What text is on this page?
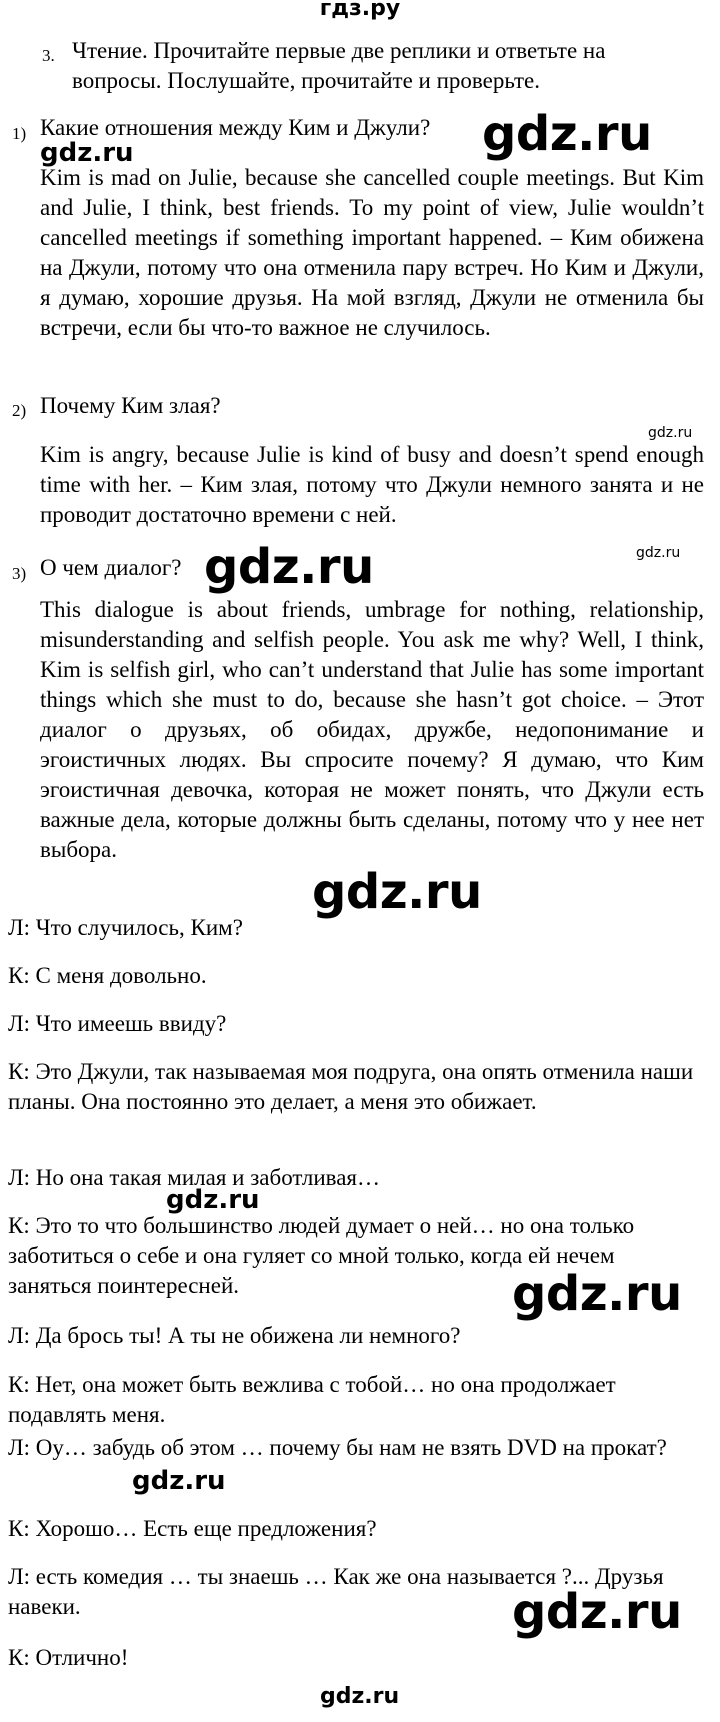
гдз.ру
3. Чтение. Прочитайте первые две реплики и ответьте на вопросы. Послушайте, прочитайте и проверьте.
1) Какие отношения между Ким и Джули?
Kim is mad on Julie, because she cancelled couple meetings. But Kim and Julie, I think, best friends. To my point of view, Julie wouldn’t cancelled meetings if something important happened. – Ким обижена на Джули, потому что она отменила пару встреч. Но Ким и Джули, я думаю, хорошие друзья. На мой взгляд, Джули не отменила бы встречи, если бы что-то важное не случилось.
2) Почему Ким злая?
Kim is angry, because Julie is kind of busy and doesn’t spend enough time with her. – Ким злая, потому что Джули немного занята и не проводит достаточно времени с ней.
3) О чем диалог?
This dialogue is about friends, umbrage for nothing, relationship, misunderstanding and selfish people. You ask me why? Well, I think, Kim is selfish girl, who can’t understand that Julie has some important things which she must to do, because she hasn’t got choice. – Этот диалог о друзьях, об обидах, дружбе, недопонимание и эгоистичных людях. Вы спросите почему? Я думаю, что Ким эгоистичная девочка, которая не может понять, что Джули есть важные дела, которые должны быть сделаны, потому что у нее нет выбора.
Л: Что случилось, Ким?
К: С меня довольно.
Л: Что имеешь ввиду?
К: Это Джули, так называемая моя подруга, она опять отменила наши планы. Она постоянно это делает, а меня это обижает.
Л: Но она такая милая и заботливая…
К: Это то что большинство людей думает о ней… но она только заботиться о себе и она гуляет со мной только, когда ей нечем заняться поинтересней.
Л: Да брось ты! А ты не обижена ли немного?
К: Нет, она может быть вежлива с тобой… но она продолжает подавлять меня.
Л: Оу… забудь об этом … почему бы нам не взять DVD на прокат?
К: Хорошо… Есть еще предложения?
Л: есть комедия … ты знаешь … Как же она называется ?... Друзья навеки.
К: Отлично!
gdz.ru
gdz.ru
gdz.ru
gdz.ru	gdz.ru
gdz.ru
gdz.ru
gdz.ru
gdz.ru
gdz.ru
gdz.ru
